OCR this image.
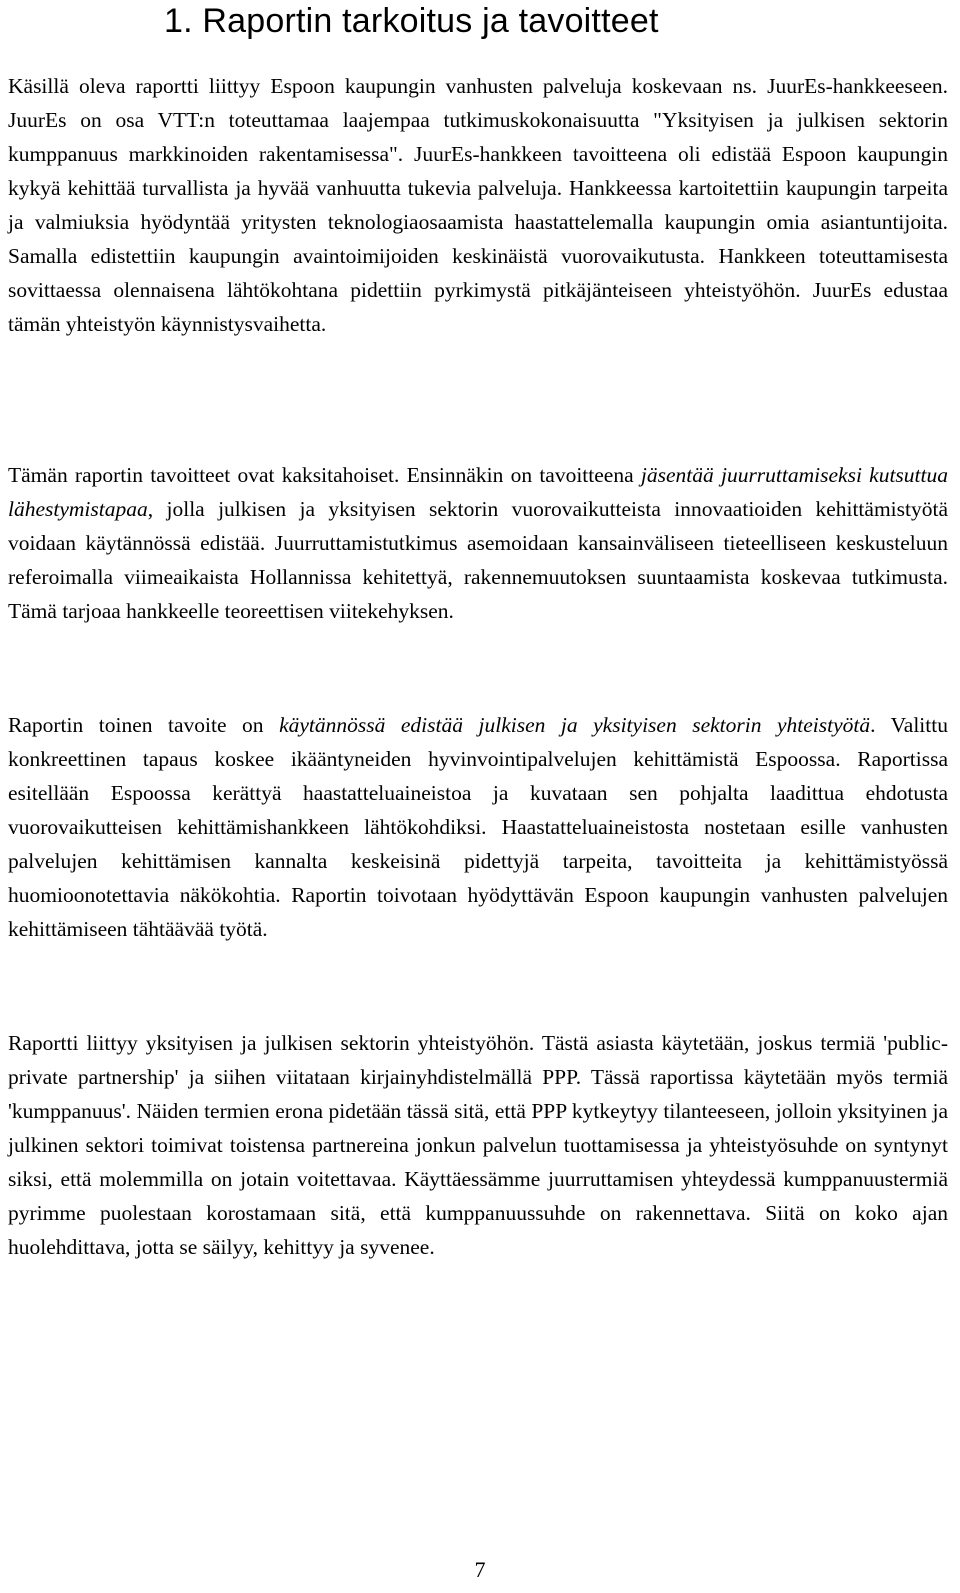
1. Raportin tarkoitus ja tavoitteet

Käsillä oleva raportti liittyy Espoon kaupungin vanhusten palveluja koskevaan ns. JuurEs-hankkeeseen. JuurEs on osa VTT:n toteuttamaa laajempaa tutkimuskokonaisuutta "Yksityisen ja julkisen sektorin kumppanuus markkinoiden rakentamisessa". JuurEs-hankkeen tavoitteena oli edistää Espoon kaupungin kykyä kehittää turvallista ja hyvää vanhuutta tukevia palveluja. Hankkeessa kartoitettiin kaupungin tarpeita ja valmiuksia hyödyntää yritysten teknologiaosaamista haastattelemalla kaupungin omia asiantuntijoita. Samalla edistettiin kaupungin avaintoimijoiden keskinäistä vuorovaikutusta. Hankkeen toteuttamisesta sovittaessa olennaisena lähtökohtana pidettiin pyrkimystä pitkäjänteiseen yhteistyöhön. JuurEs edustaa tämän yhteistyön käynnistysvaihetta.

Tämän raportin tavoitteet ovat kaksitahoiset. Ensinnäkin on tavoitteena jäsentää juurruttamiseksi kutsuttua lähestymistapaa, jolla julkisen ja yksityisen sektorin vuorovaikutteista innovaatioiden kehittämistyötä voidaan käytännössä edistää. Juurruttamistutkimus asemoidaan kansainväliseen tieteelliseen keskusteluun referoimalla viimeaikaista Hollannissa kehitettyä, rakennemuutoksen suuntaamista koskevaa tutkimusta. Tämä tarjoaa hankkeelle teoreettisen viitekehyksen.

Raportin toinen tavoite on käytännössä edistää julkisen ja yksityisen sektorin yhteistyötä. Valittu konkreettinen tapaus koskee ikääntyneiden hyvinvointipalvelujen kehittämistä Espoossa. Raportissa esitellään Espoossa kerättyä haastatteluaineistoa ja kuvataan sen pohjalta laadittua ehdotusta vuorovaikutteisen kehittämishankkeen lähtökohdiksi. Haastatteluaineistosta nostetaan esille vanhusten palvelujen kehittämisen kannalta keskeisinä pidettyjä tarpeita, tavoitteita ja kehittämistyössä huomioonotettavia näkökohtia. Raportin toivotaan hyödyttävän Espoon kaupungin vanhusten palvelujen kehittämiseen tähtäävää työtä.

Raportti liittyy yksityisen ja julkisen sektorin yhteistyöhön. Tästä asiasta käytetään, joskus termiä 'public-private partnership' ja siihen viitataan kirjainyhdistelmällä PPP. Tässä raportissa käytetään myös termiä 'kumppanuus'. Näiden termien erona pidetään tässä sitä, että PPP kytkeytyy tilanteeseen, jolloin yksityinen ja julkinen sektori toimivat toistensa partnereina jonkun palvelun tuottamisessa ja yhteistyösuhde on syntynyt siksi, että molemmilla on jotain voitettavaa. Käyttäessämme juurruttamisen yhteydessä kumppanuustermiä pyrimme puolestaan korostamaan sitä, että kumppanuussuhde on rakennettava. Siitä on koko ajan huolehdittava, jotta se säilyy, kehittyy ja syvenee.

7
